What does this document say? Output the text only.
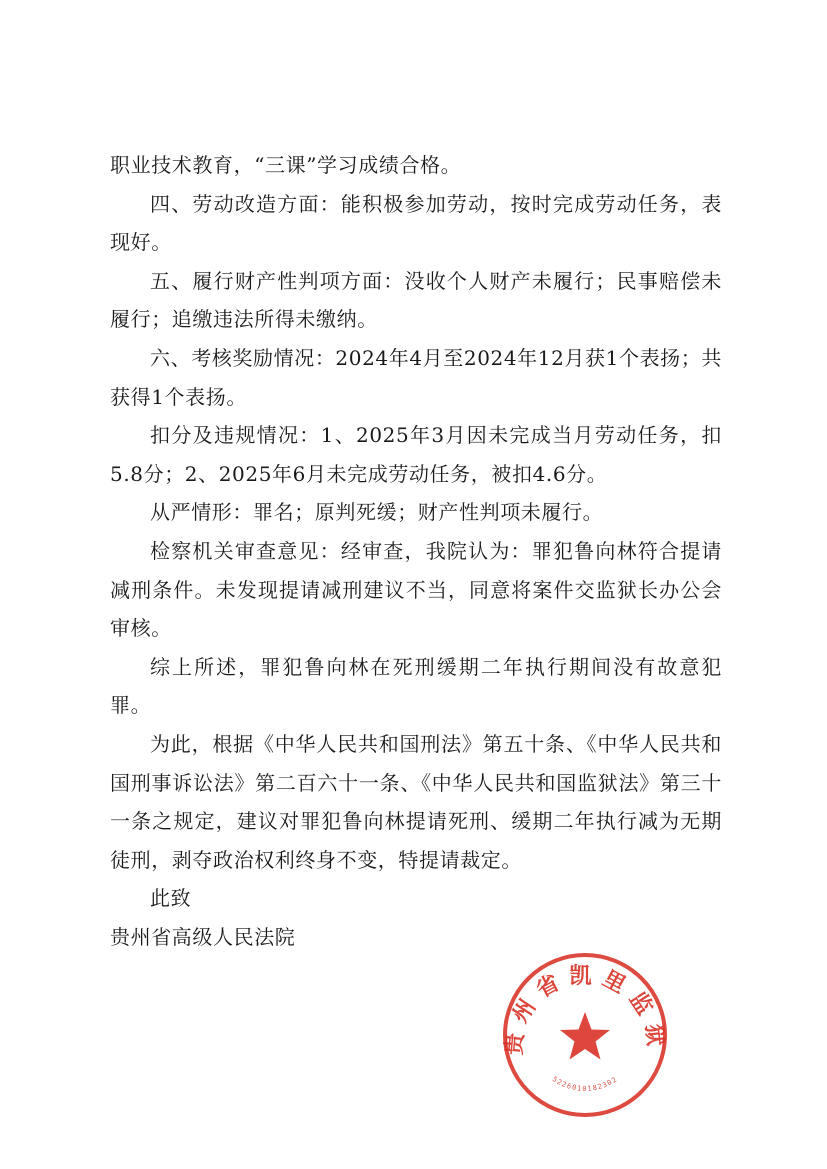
职业技术教育，“三课”学习成绩合格。

四、劳动改造方面：能积极参加劳动，按时完成劳动任务，表现好。

五、履行财产性判项方面：没收个人财产未履行；民事赔偿未履行；追缴违法所得未缴纳。

六、考核奖励情况：2024年4月至2024年12月获1个表扬；共获得1个表扬。

扣分及违规情况：1、2025年3月因未完成当月劳动任务，扣5.8分；2、2025年6月未完成劳动任务，被扣4.6分。

从严情形：罪名；原判死缓；财产性判项未履行。

检察机关审查意见：经审查，我院认为：罪犯鲁向林符合提请减刑条件。未发现提请减刑建议不当，同意将案件交监狱长办公会审核。

综上所述，罪犯鲁向林在死刑缓期二年执行期间没有故意犯罪。

为此，根据《中华人民共和国刑法》第五十条、《中华人民共和国刑事诉讼法》第二百六十一条、《中华人民共和国监狱法》第三十一条之规定，建议对罪犯鲁向林提请死刑、缓期二年执行减为无期徒刑，剥夺政治权利终身不变，特提请裁定。

此致

贵州省高级人民法院

贵州省凯里监狱
5226010182302
